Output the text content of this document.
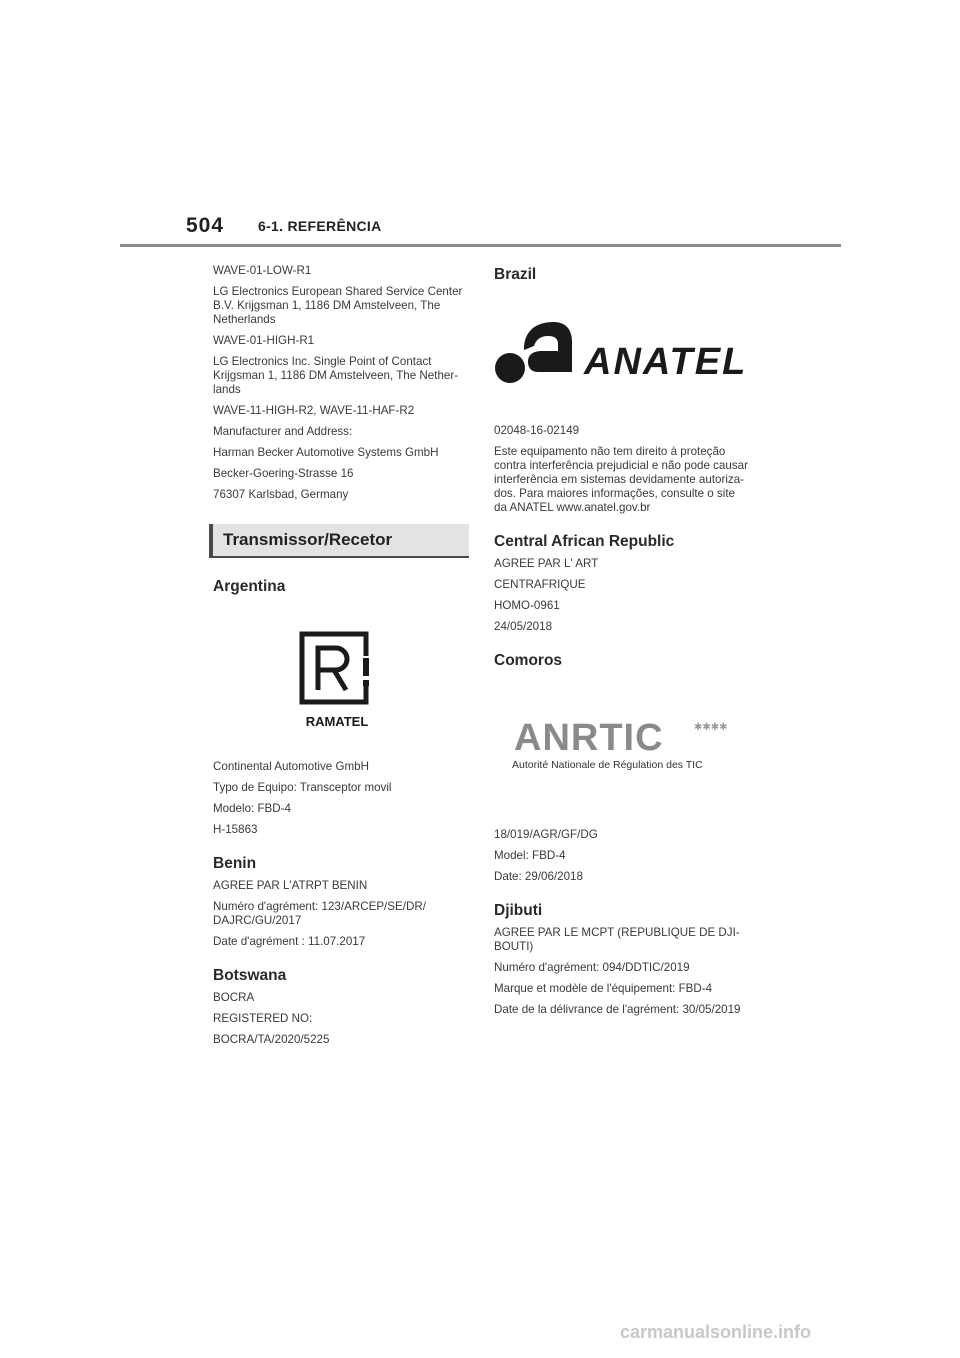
504 6-1. REFERÊNCIA

WAVE-01-LOW-R1

LG Electronics European Shared Service Center B.V. Krijgsman 1, 1186 DM Amstelveen, The Netherlands

WAVE-01-HIGH-R1

LG Electronics Inc. Single Point of Contact Krijgsman 1, 1186 DM Amstelveen, The Nether-lands

WAVE-11-HIGH-R2, WAVE-11-HAF-R2

Manufacturer and Address:

Harman Becker Automotive Systems GmbH

Becker-Goering-Strasse 16

76307 Karlsbad, Germany

Transmissor/Recetor
Argentina
RAMATEL

Continental Automotive GmbH

Typo de Equipo: Transceptor movil

Modelo: FBD-4

H-15863

Benin

AGREE PAR L'ATRPT BENIN

Numéro d'agrément: 123/ARCEP/SE/DR/ DAJRC/GU/2017

Date d'agrément : 11.07.2017

Botswana

BOCRA

REGISTERED NO:

BOCRA/TA/2020/5225

Brazil
ANATEL

02048-16-02149

Este equipamento não tem direito à proteção contra interferência prejudicial e não pode causar interferência em sistemas devidamente autoriza-dos. Para maiores informações, consulte o site da ANATEL www.anatel.gov.br

Central African Republic

AGREE PAR L' ART

CENTRAFRIQUE

HOMO-0961

24/05/2018

Comoros
ANRTIC	✱✱✱✱
Autorité Nationale de Régulation des TIC

18/019/AGR/GF/DG

Model: FBD-4

Date: 29/06/2018

Djibuti

AGREE PAR LE MCPT (REPUBLIQUE DE DJI-BOUTI)

Numéro d'agrément: 094/DDTIC/2019

Marque et modèle de l'équipement: FBD-4

Date de la délivrance de l'agrément: 30/05/2019

carmanualsonline.info
